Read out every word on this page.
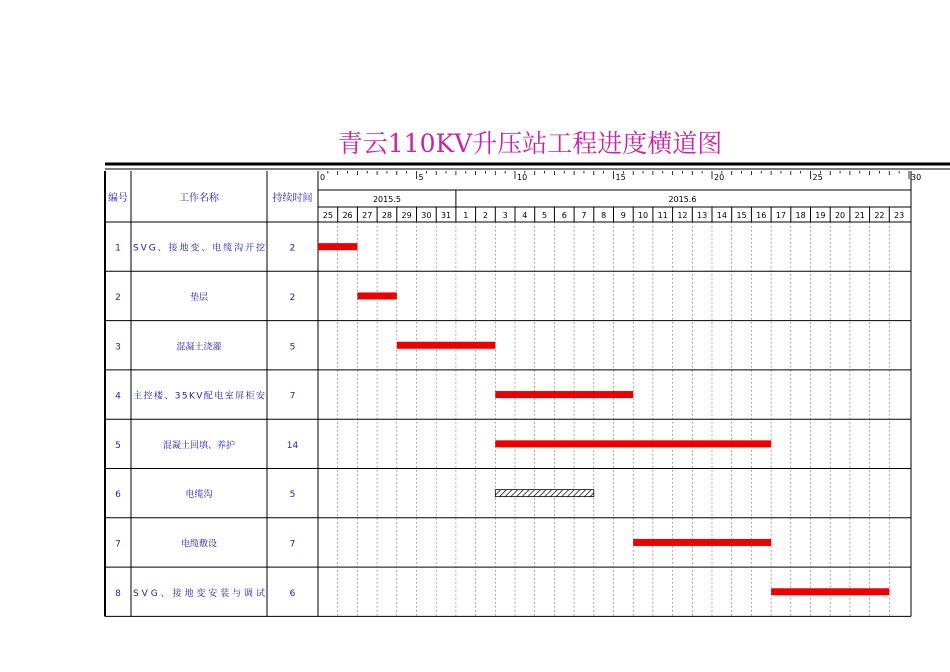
青云110KV升压站工程进度横道图
0	5	10	15	20	25	30
2015.5	2015.6
25 26 27 28 29 30 31 1 2 3 4 5 6 7 8 9 10 11 12 13 14 15 16 17 18 19 20 21 22 23
编号	工作名称	持续时间
1 SVG、接地变、电缆沟开挖	2
2	垫层	2
3	混凝土浇灌	5
4 主控楼、35KV配电室屏柜安	7
5	混凝土回填、养护	14
6	电缆沟	5
7	电缆敷设	7
8 SVG、接地变安装与调试	6
